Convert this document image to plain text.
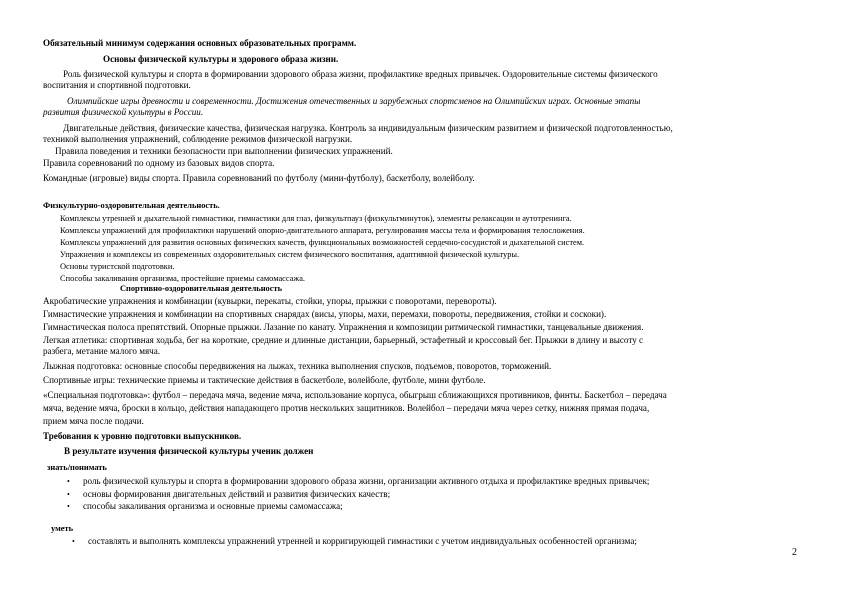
Обязательный минимум содержания основных образовательных программ.
Основы физической культуры и здорового образа жизни.
Роль физической культуры и спорта в формировании здорового образа жизни, профилактике вредных привычек. Оздоровительные системы физического
воспитания и спортивной подготовки.
Олимпийские игры древности и современности. Достижения отечественных и зарубежных спортсменов на Олимпийских играх. Основные этапы
развития физической культуры в России.
Двигательные действия, физические качества, физическая нагрузка. Контроль за индивидуальным физическим развитием и физической подготовленностью,
техникой выполнения упражнений, соблюдение режимов физической нагрузки.
Правила поведения и техники безопасности при выполнении физических упражнений.
Правила соревнований по одному из базовых видов спорта.
Командные (игровые) виды спорта. Правила соревнований по футболу (мини-футболу), баскетболу, волейболу.
Физкультурно-оздоровительная деятельность.
Комплексы утренней и дыхательной гимнастики, гимнастики для глаз, физкультпауз (физкультминуток), элементы релаксации и аутотренинга.
Комплексы упражнений для профилактики нарушений опорно-двигательного аппарата, регулирования массы тела и формирования телосложения.
Комплексы упражнений для развития основных физических качеств, функциональных возможностей сердечно-сосудистой и дыхательной систем.
Упражнения и комплексы из современных оздоровительных систем физического воспитания, адаптивной физической культуры.
Основы туристской подготовки.
Способы закаливания организма, простейшие приемы самомассажа.
Спортивно-оздоровительная деятельность
Акробатические упражнения и комбинации (кувырки, перекаты, стойки, упоры, прыжки с поворотами, перевороты).
Гимнастические упражнения и комбинации на спортивных снарядах (висы, упоры, махи, перемахи, повороты, передвижения, стойки и соскоки).
Гимнастическая полоса препятствий. Опорные прыжки. Лазание по канату. Упражнения и композиции ритмической гимнастики, танцевальные движения.
Легкая атлетика: спортивная ходьба, бег на короткие, средние и длинные дистанции, барьерный, эстафетный и кроссовый бег. Прыжки в длину и высоту с
разбега, метание малого мяча.
Лыжная подготовка: основные способы передвижения на лыжах, техника выполнения спусков, подъемов, поворотов, торможений.
Спортивные игры: технические приемы и тактические действия в баскетболе, волейболе, футболе, мини футболе.
«Специальная подготовка»: футбол – передача мяча, ведение мяча, использование корпуса, обыгрыш сближающихся противников, финты. Баскетбол – передача
мяча, ведение мяча, броски в кольцо, действия нападающего против нескольких защитников. Волейбол – передачи мяча через сетку, нижняя прямая подача,
прием мяча после подачи.
Требования к уровню подготовки выпускников.
В результате изучения физической культуры ученик должен
знать/понимать
• роль физической культуры и спорта в формировании здорового образа жизни, организации активного отдыха и профилактике вредных привычек;
• основы формирования двигательных действий и развития физических качеств;
• способы закаливания организма и основные приемы самомассажа;
уметь
• составлять и выполнять комплексы упражнений утренней и корригирующей гимнастики с учетом индивидуальных особенностей организма;
2
